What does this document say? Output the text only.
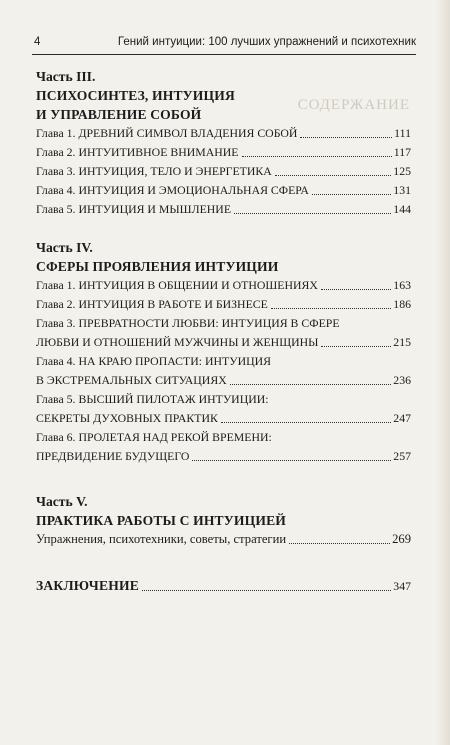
СОДЕРЖАНИЕ
4	Гений интуиции: 100 лучших упражнений и психотехник
Часть III.
ПСИХОСИНТЕЗ, ИНТУИЦИЯ
И УПРАВЛЕНИЕ СОБОЙ
Глава 1. ДРЕВНИЙ СИМВОЛ ВЛАДЕНИЯ СОБОЙ	111
Глава 2. ИНТУИТИВНОЕ ВНИМАНИЕ	117
Глава 3. ИНТУИЦИЯ, ТЕЛО И ЭНЕРГЕТИКА	125
Глава 4. ИНТУИЦИЯ И ЭМОЦИОНАЛЬНАЯ СФЕРА	131
Глава 5. ИНТУИЦИЯ И МЫШЛЕНИЕ	144
Часть IV.
СФЕРЫ ПРОЯВЛЕНИЯ ИНТУИЦИИ
Глава 1. ИНТУИЦИЯ В ОБЩЕНИИ И ОТНОШЕНИЯХ	163
Глава 2. ИНТУИЦИЯ В РАБОТЕ И БИЗНЕСЕ	186
Глава 3. ПРЕВРАТНОСТИ ЛЮБВИ: ИНТУИЦИЯ В СФЕРЕ
ЛЮБВИ И ОТНОШЕНИЙ МУЖЧИНЫ И ЖЕНЩИНЫ	215
Глава 4. НА КРАЮ ПРОПАСТИ: ИНТУИЦИЯ
В ЭКСТРЕМАЛЬНЫХ СИТУАЦИЯХ	236
Глава 5. ВЫСШИЙ ПИЛОТАЖ ИНТУИЦИИ:
СЕКРЕТЫ ДУХОВНЫХ ПРАКТИК	247
Глава 6. ПРОЛЕТАЯ НАД РЕКОЙ ВРЕМЕНИ:
ПРЕДВИДЕНИЕ БУДУЩЕГО	257
Часть V.
ПРАКТИКА РАБОТЫ С ИНТУИЦИЕЙ
Упражнения, психотехники, советы, стратегии	269
ЗАКЛЮЧЕНИЕ	347
